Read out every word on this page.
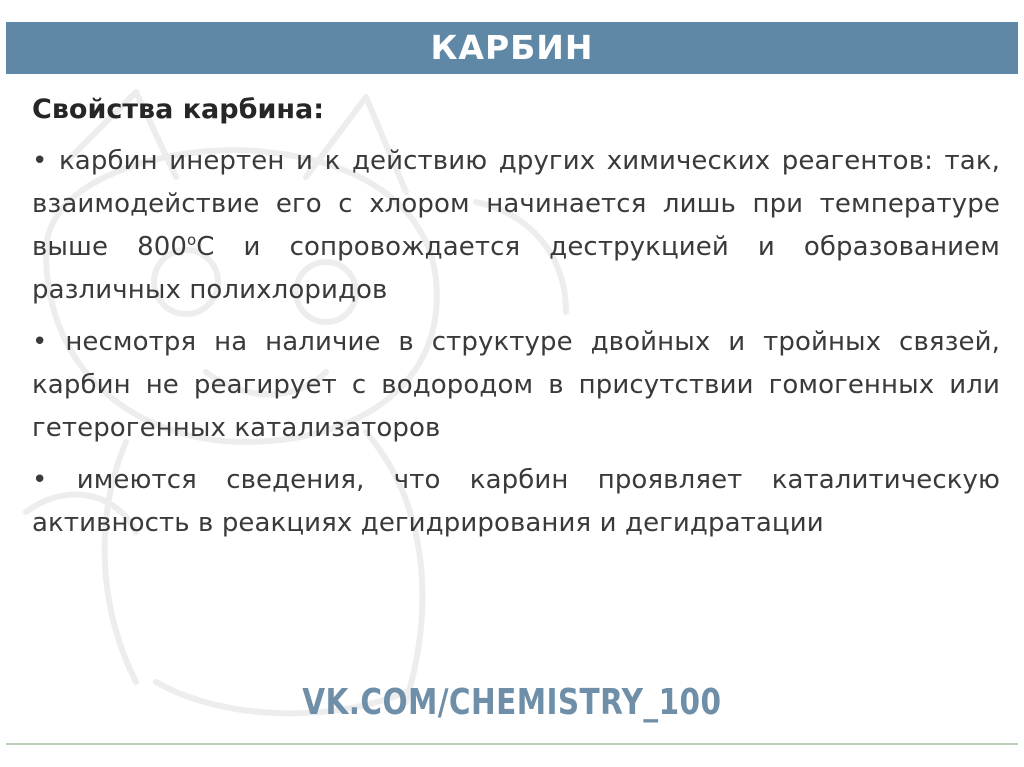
КАРБИН
Свойства карбина:
• карбин инертен и к действию других химических реагентов: так, взаимодействие его с хлором начинается лишь при температуре выше $800^оС$ и сопровождается деструкцией и образованием различных полихлоридов
• несмотря на наличие в структуре двойных и тройных связей, карбин не реагирует с водородом в присутствии гомогенных или гетерогенных катализаторов
• имеются сведения, что карбин проявляет каталитическую активность в реакциях дегидрирования и дегидратации

VK.COM/CHEMISTRY_100
